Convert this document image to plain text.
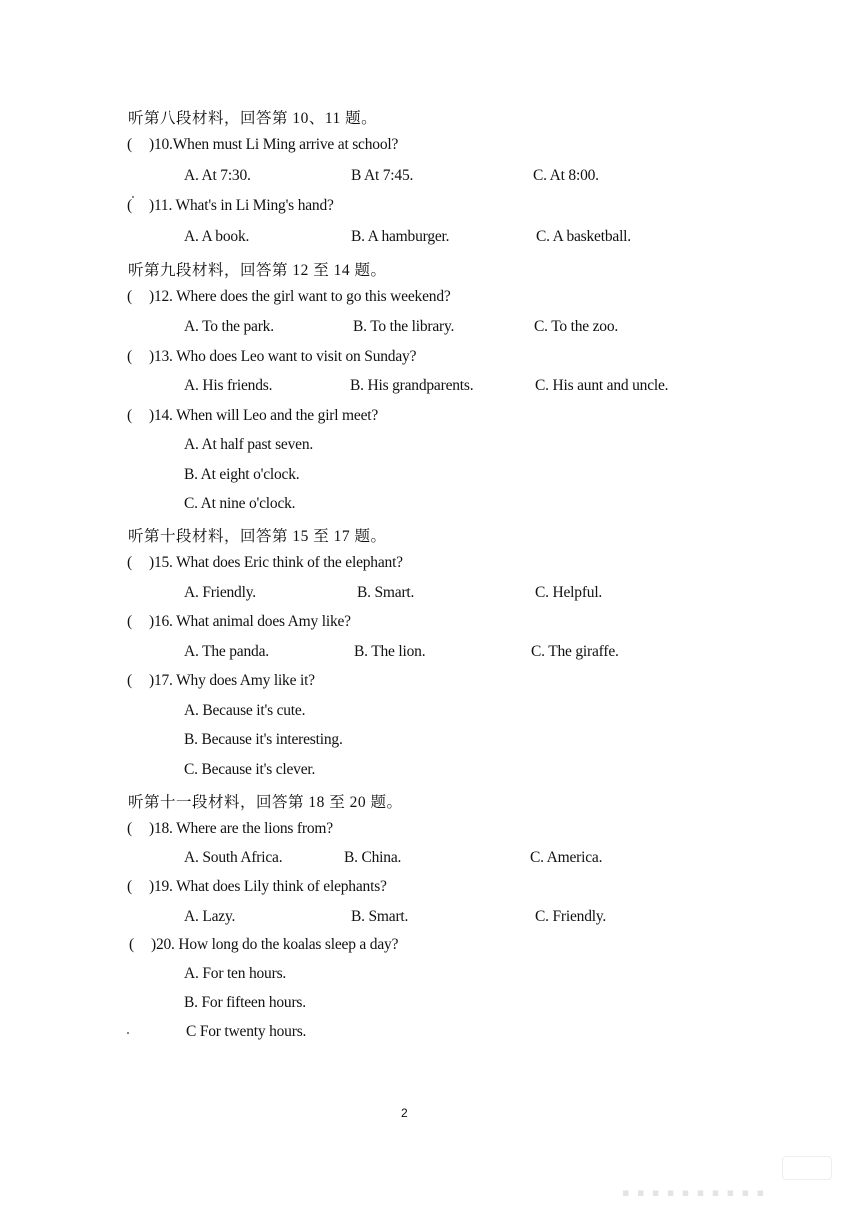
听第八段材料，回答第 10、11 题。
( )10.When must Li Ming arrive at school?
A. At 7:30.	B At 7:45.	C. At 8:00.
( )11. What's in Li Ming's hand?
A. A book.	B. A hamburger.	C. A basketball.
听第九段材料，回答第 12 至 14 题。
( )12. Where does the girl want to go this weekend?
A. To the park.	B. To the library.	C. To the zoo.
( )13. Who does Leo want to visit on Sunday?
A. His friends.	B. His grandparents.	C. His aunt and uncle.
( )14. When will Leo and the girl meet?
A. At half past seven.
B. At eight o'clock.
C. At nine o'clock.
听第十段材料，回答第 15 至 17 题。
( )15. What does Eric think of the elephant?
A. Friendly.	B. Smart.	C. Helpful.
( )16. What animal does Amy like?
A. The panda.	B. The lion.	C. The giraffe.
( )17. Why does Amy like it?
A. Because it's cute.
B. Because it's interesting.
C. Because it's clever.
听第十一段材料，回答第 18 至 20 题。
( )18. Where are the lions from?
A. South Africa.	B. China.	C. America.
( )19. What does Lily think of elephants?
A. Lazy.	B. Smart.	C. Friendly.
( )20. How long do the koalas sleep a day?
A. For ten hours.
B. For fifteen hours.
C For twenty hours.
2
▪ ▪ ▪ ▪ ▪ ▪ ▪ ▪ ▪ ▪
